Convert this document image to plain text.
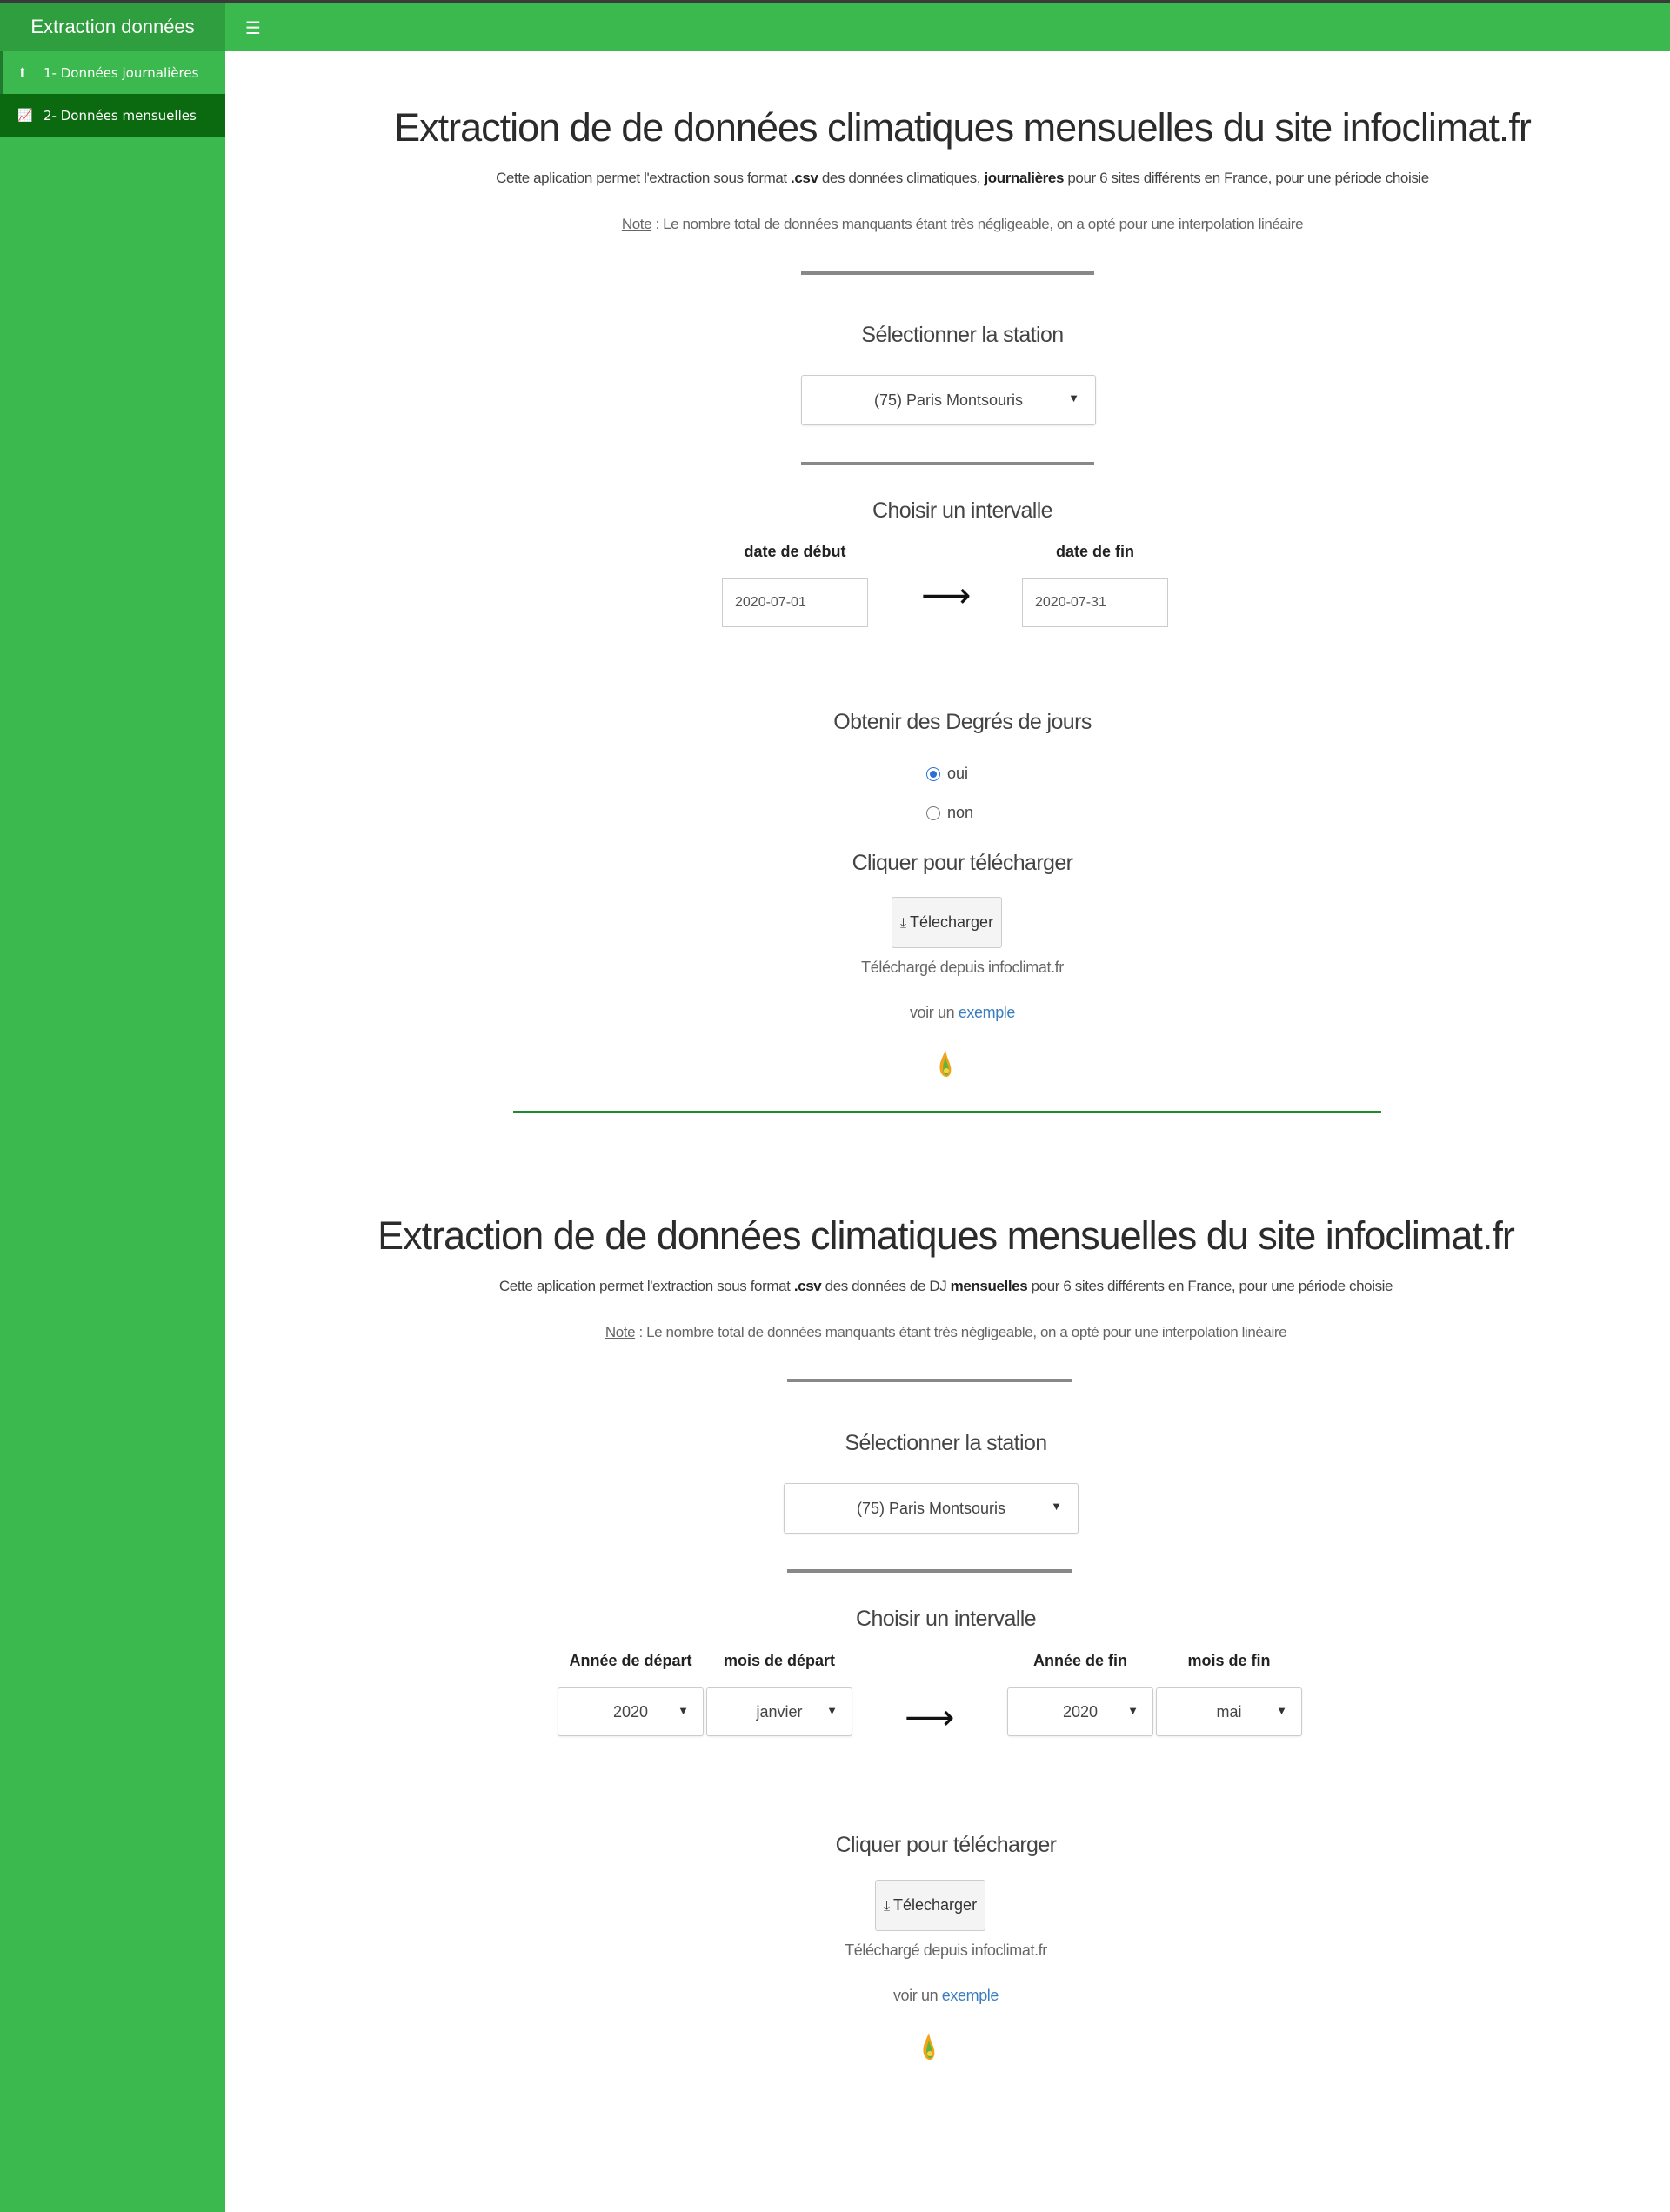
Extraction données	☰
⬆	1- Données journalières
📈 2- Données mensuelles	Extraction de de données climatiques mensuelles du site infoclimat.fr
Cette aplication permet l'extraction sous format .csv des données climatiques, journalières pour 6 sites différents en France, pour une période choisie
Note : Le nombre total de données manquants étant très négligeable, on a opté pour une interpolation linéaire
Sélectionner la station
(75) Paris Montsouris	▼
Choisir un intervalle
date de début	date de fin
2020-07-01	⟶	2020-07-31
Obtenir des Degrés de jours
oui
non
Cliquer pour télécharger
⤓ Télecharger
Téléchargé depuis infoclimat.fr
voir un exemple
Extraction de de données climatiques mensuelles du site infoclimat.fr
Cette aplication permet l'extraction sous format .csv des données de DJ mensuelles pour 6 sites différents en France, pour une période choisie
Note : Le nombre total de données manquants étant très négligeable, on a opté pour une interpolation linéaire
Sélectionner la station
(75) Paris Montsouris	▼
Choisir un intervalle
Année de départ	mois de départ	Année de fin	mois de fin
2020	▼	janvier ▼ ⟶	2020	▼	mai	▼
Cliquer pour télécharger
⤓ Télecharger
Téléchargé depuis infoclimat.fr
voir un exemple
